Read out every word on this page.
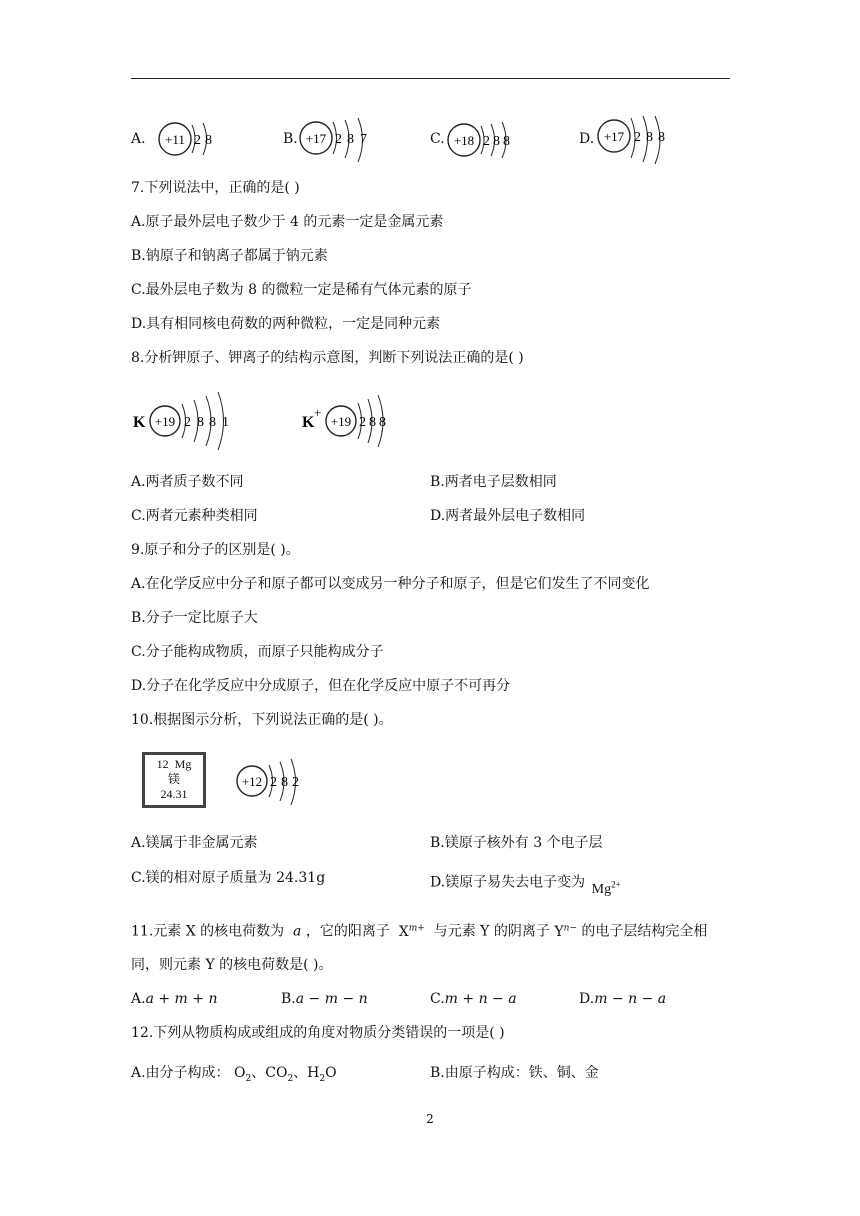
A.	B.	C.	D.
+11 2 8	+17 2 8 7	+18 2 8 8	+17 2 8 8
7.下列说法中，正确的是( )
A.原子最外层电子数少于 4 的元素一定是金属元素
B.钠原子和钠离子都属于钠元素
C.最外层电子数为 8 的微粒一定是稀有气体元素的原子
D.具有相同核电荷数的两种微粒，一定是同种元素
8.分析钾原子、钾离子的结构示意图，判断下列说法正确的是( )
K +19 2 8 8 1	K
+
+19 2 8 8
A.两者质子数不同	B.两者电子层数相同
C.两者元素种类相同	D.两者最外层电子数相同
9.原子和分子的区别是( )。
A.在化学反应中分子和原子都可以变成另一种分子和原子，但是它们发生了不同变化
B.分子一定比原子大
C.分子能构成物质，而原子只能构成分子
D.分子在化学反应中分成原子，但在化学反应中原子不可再分
10.根据图示分析，下列说法正确的是( )。
12 Mg
镁
24.31
+12 2 8 2
A.镁属于非金属元素	B.镁原子核外有 3 个电子层
C.镁的相对原子质量为 24.31g	D.镁原子易失去电子变为 $Mg^{2+}$
11.元素 X 的核电荷数为 a ，它的阳离子 $X^{m+}$ 与元素 Y 的阴离子 $Y^{n-}$ 的电子层结构完全相
同，则元素 Y 的核电荷数是( )。
A.a + m + n	B.a − m − n	C.m + n − a	D.m − n − a
12.下列从物质构成或组成的角度对物质分类错误的一项是( )
A.由分子构成： $O_2$、$CO_2$、$H_2O$	B.由原子构成：铁、铜、金
2
